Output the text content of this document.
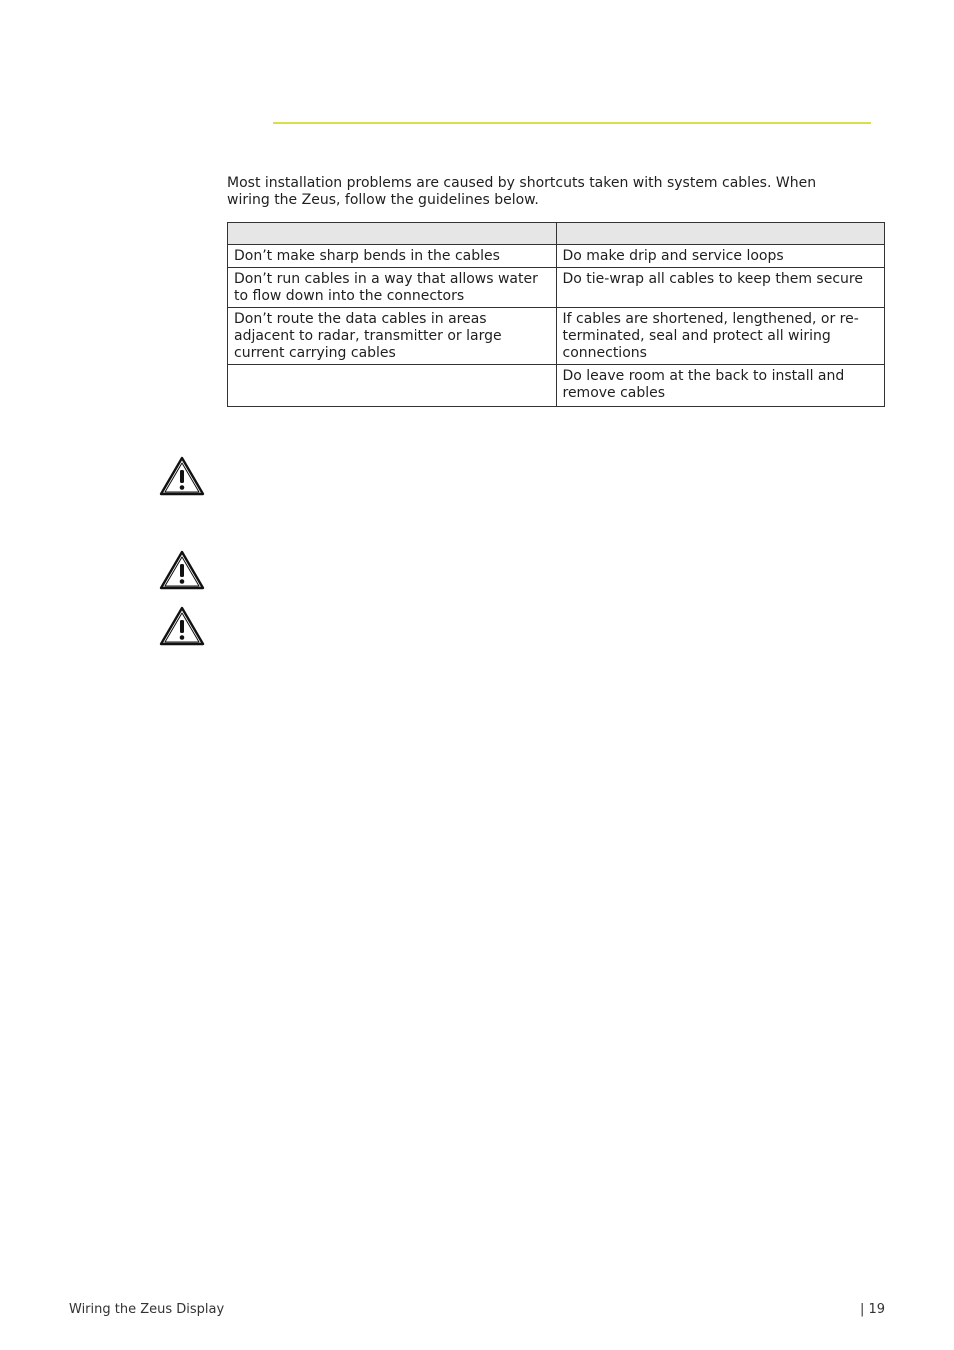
Most installation problems are caused by shortcuts taken with system cables. When
wiring the Zeus, follow the guidelines below.

Don’t make sharp bends in the cables	Do make drip and service loops
Don’t run cables in a way that allows water to flow down into the connectors	Do tie-wrap all cables to keep them secure
Don’t route the data cables in areas adjacent to radar, transmitter or large current carrying cables	If cables are shortened, lengthened, or re-terminated, seal and protect all wiring connections
	Do leave room at the back to install and remove cables
Wiring the Zeus Display	| 19
